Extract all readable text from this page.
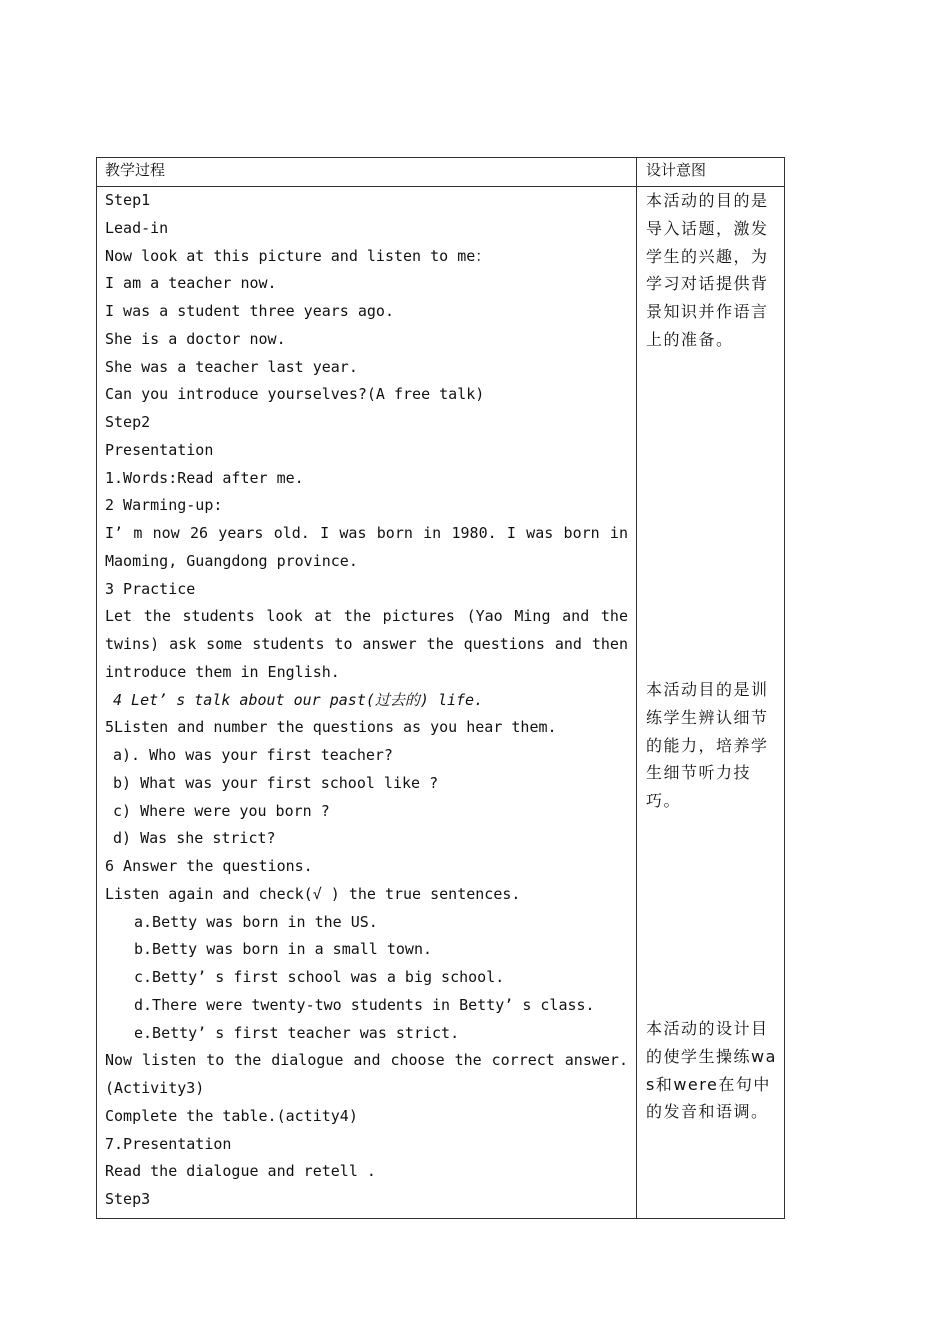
教学过程	设计意图
Step1
Lead-in
Now look at this picture and listen to me：
I am a teacher now.
I was a student three years ago.
She is a doctor now.
She was a teacher last year.
Can you introduce yourselves?(A free talk)
Step2
Presentation
1.Words:Read after me.
2 Warming-up:
I’ m now 26 years old. I was born in 1980. I was born in
Maoming, Guangdong province.
3 Practice
Let the students look at the pictures (Yao Ming and the
twins) ask some students to answer the questions and then
introduce them in English.
4 Let’ s talk about our past(过去的) life.
5Listen and number the questions as you hear them.
a). Who was your first teacher?
b) What was your first school like ?
c) Where were you born ?
d) Was she strict?
6 Answer the questions.
Listen again and check(√ ) the true sentences.
a.Betty was born in the US.
b.Betty was born in a small town.
c.Betty’ s first school was a big school.
d.There were twenty-two students in Betty’ s class.
e.Betty’ s first teacher was strict.
Now listen to the dialogue and choose the correct answer.
(Activity3)
Complete the table.(actity4)
7.Presentation
Read the dialogue and retell .
Step3
本活动的目的是导入话题，激发学生的兴趣，为学习对话提供背景知识并作语言上的准备。
本活动目的是训练学生辨认细节的能力，培养学生细节听力技巧。
本活动的设计目的使学生操练was和were在句中的发音和语调。
